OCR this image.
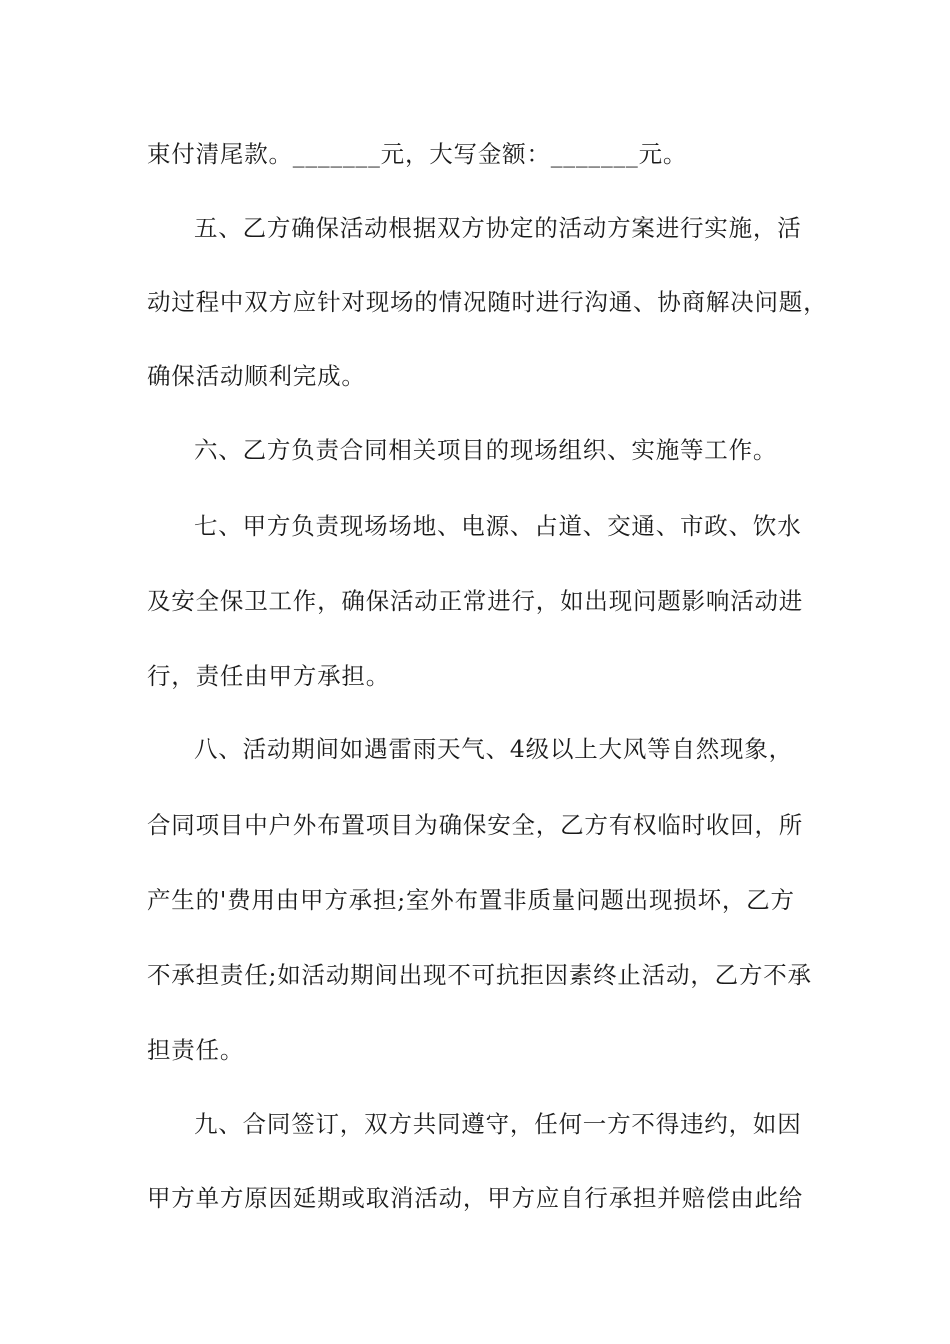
束付清尾款。_______元，大写金额：_______元。
五、乙方确保活动根据双方协定的活动方案进行实施，活
动过程中双方应针对现场的情况随时进行沟通、协商解决问题，
确保活动顺利完成。
六、乙方负责合同相关项目的现场组织、实施等工作。
七、甲方负责现场场地、电源、占道、交通、市政、饮水
及安全保卫工作，确保活动正常进行，如出现问题影响活动进
行，责任由甲方承担。
八、活动期间如遇雷雨天气、4级以上大风等自然现象，
合同项目中户外布置项目为确保安全，乙方有权临时收回，所
产生的'费用由甲方承担;室外布置非质量问题出现损坏，乙方
不承担责任;如活动期间出现不可抗拒因素终止活动，乙方不承
担责任。
九、合同签订，双方共同遵守，任何一方不得违约，如因
甲方单方原因延期或取消活动，甲方应自行承担并赔偿由此给
